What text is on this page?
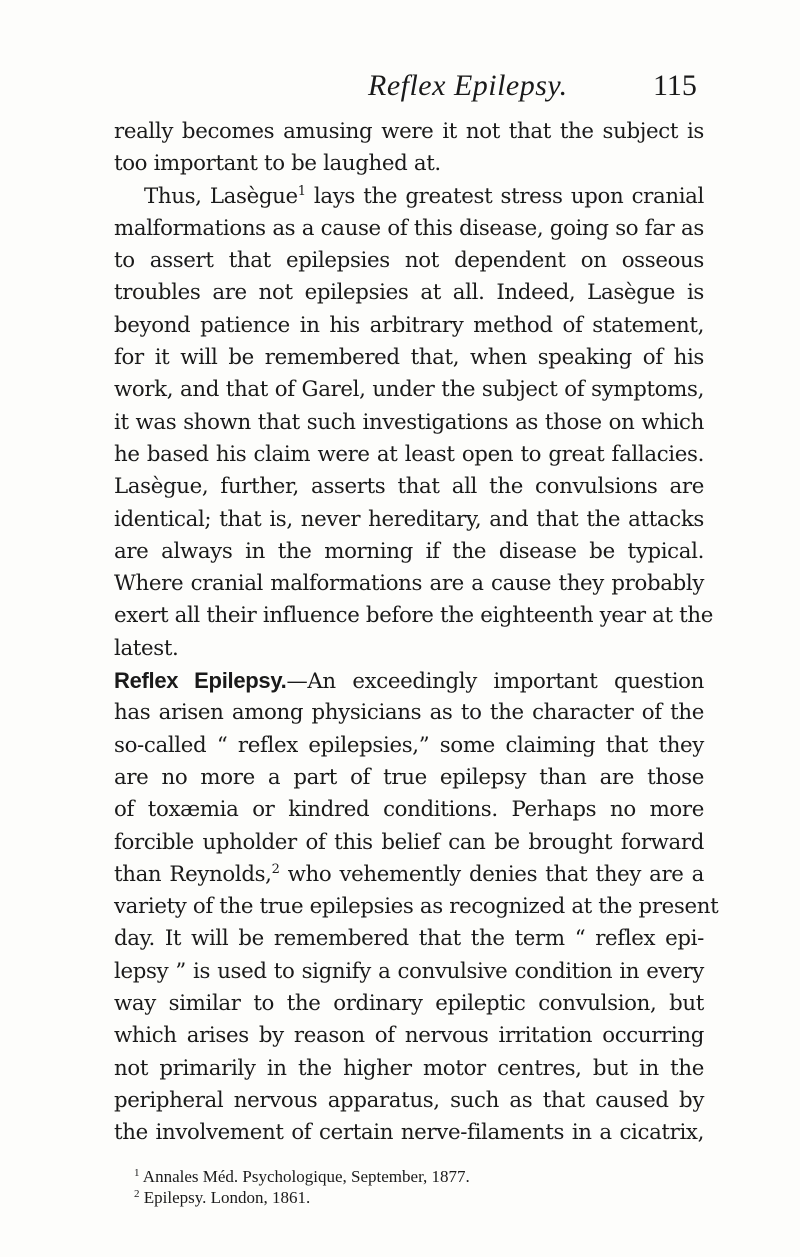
Reflex Epilepsy.	115
really becomes amusing were it not that the subject is
too important to be laughed at.
Thus, Lasègue$^1$ lays the greatest stress upon cranial
malformations as a cause of this disease, going so far as
to assert that epilepsies not dependent on osseous
troubles are not epilepsies at all. Indeed, Lasègue is
beyond patience in his arbitrary method of statement,
for it will be remembered that, when speaking of his
work, and that of Garel, under the subject of symptoms,
it was shown that such investigations as those on which
he based his claim were at least open to great fallacies.
Lasègue, further, asserts that all the convulsions are
identical; that is, never hereditary, and that the attacks
are always in the morning if the disease be typical.
Where cranial malformations are a cause they probably
exert all their influence before the eighteenth year at the
latest.
Reflex Epilepsy.—An exceedingly important question
has arisen among physicians as to the character of the
so-called “ reflex epilepsies,” some claiming that they
are no more a part of true epilepsy than are those
of toxæmia or kindred conditions. Perhaps no more
forcible upholder of this belief can be brought forward
than Reynolds,$^2$ who vehemently denies that they are a
variety of the true epilepsies as recognized at the present
day. It will be remembered that the term “ reflex epi-
lepsy ” is used to signify a convulsive condition in every
way similar to the ordinary epileptic convulsion, but
which arises by reason of nervous irritation occurring
not primarily in the higher motor centres, but in the
peripheral nervous apparatus, such as that caused by
the involvement of certain nerve-filaments in a cicatrix,
$^1$ Annales Méd. Psychologique, September, 1877.
$^2$ Epilepsy. London, 1861.
